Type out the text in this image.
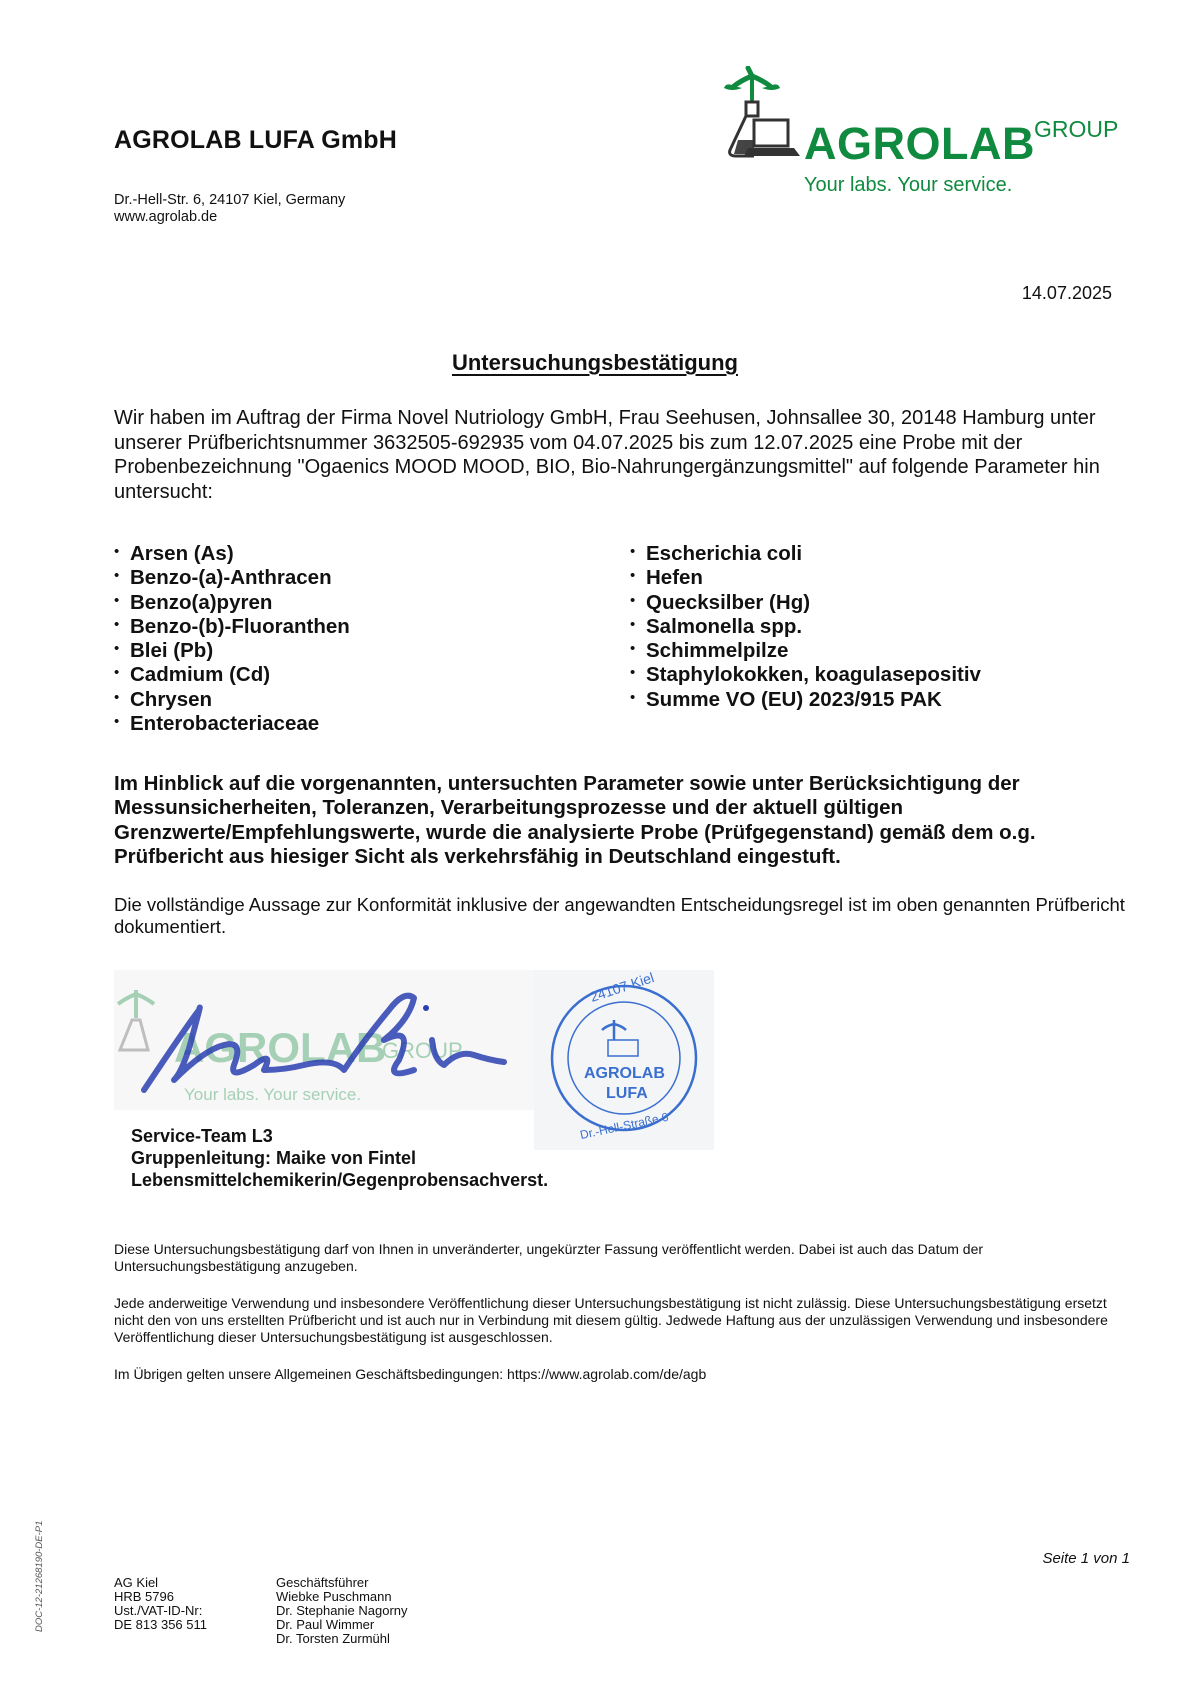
AGROLAB LUFA GmbH
Dr.-Hell-Str. 6, 24107 Kiel, Germany
www.agrolab.de
AGROLAB GROUP
Your labs. Your service.
14.07.2025
Untersuchungsbestätigung
Wir haben im Auftrag der Firma Novel Nutriology GmbH, Frau Seehusen, Johnsallee 30, 20148 Hamburg unter unserer Prüfberichtsnummer 3632505-692935 vom 04.07.2025 bis zum 12.07.2025 eine Probe mit der Probenbezeichnung "Ogaenics MOOD MOOD, BIO, Bio-Nahrungergänzungsmittel" auf folgende Parameter hin untersucht:
• Arsen (As)
• Benzo-(a)-Anthracen
• Benzo(a)pyren
• Benzo-(b)-Fluoranthen
• Blei (Pb)
• Cadmium (Cd)
• Chrysen
• Enterobacteriaceae
• Escherichia coli
• Hefen
• Quecksilber (Hg)
• Salmonella spp.
• Schimmelpilze
• Staphylokokken, koagulasepositiv
• Summe VO (EU) 2023/915 PAK
Im Hinblick auf die vorgenannten, untersuchten Parameter sowie unter Berücksichtigung der Messunsicherheiten, Toleranzen, Verarbeitungsprozesse und der aktuell gültigen Grenzwerte/Empfehlungswerte, wurde die analysierte Probe (Prüfgegenstand) gemäß dem o.g. Prüfbericht aus hiesiger Sicht als verkehrsfähig in Deutschland eingestuft.
Die vollständige Aussage zur Konformität inklusive der angewandten Entscheidungsregel ist im oben genannten Prüfbericht dokumentiert.
AGROLAB
GROUP
Your labs. Your service.
24107 Kiel
AGROLAB
LUFA
Dr.-Hell-Straße 6
Service-Team L3
Gruppenleitung: Maike von Fintel
Lebensmittelchemikerin/Gegenprobensachverst.
Diese Untersuchungsbestätigung darf von Ihnen in unveränderter, ungekürzter Fassung veröffentlicht werden. Dabei ist auch das Datum der Untersuchungsbestätigung anzugeben.
Jede anderweitige Verwendung und insbesondere Veröffentlichung dieser Untersuchungsbestätigung ist nicht zulässig. Diese Untersuchungsbestätigung ersetzt nicht den von uns erstellten Prüfbericht und ist auch nur in Verbindung mit diesem gültig. Jedwede Haftung aus der unzulässigen Verwendung und insbesondere Veröffentlichung dieser Untersuchungsbestätigung ist ausgeschlossen.
Im Übrigen gelten unsere Allgemeinen Geschäftsbedingungen: https://www.agrolab.com/de/agb
DOC-12-21268190-DE-P1	Seite 1 von 1
AG Kiel
HRB 5796
Ust./VAT-ID-Nr:
DE 813 356 511
Geschäftsführer
Wiebke Puschmann
Dr. Stephanie Nagorny
Dr. Paul Wimmer
Dr. Torsten Zurmühl
